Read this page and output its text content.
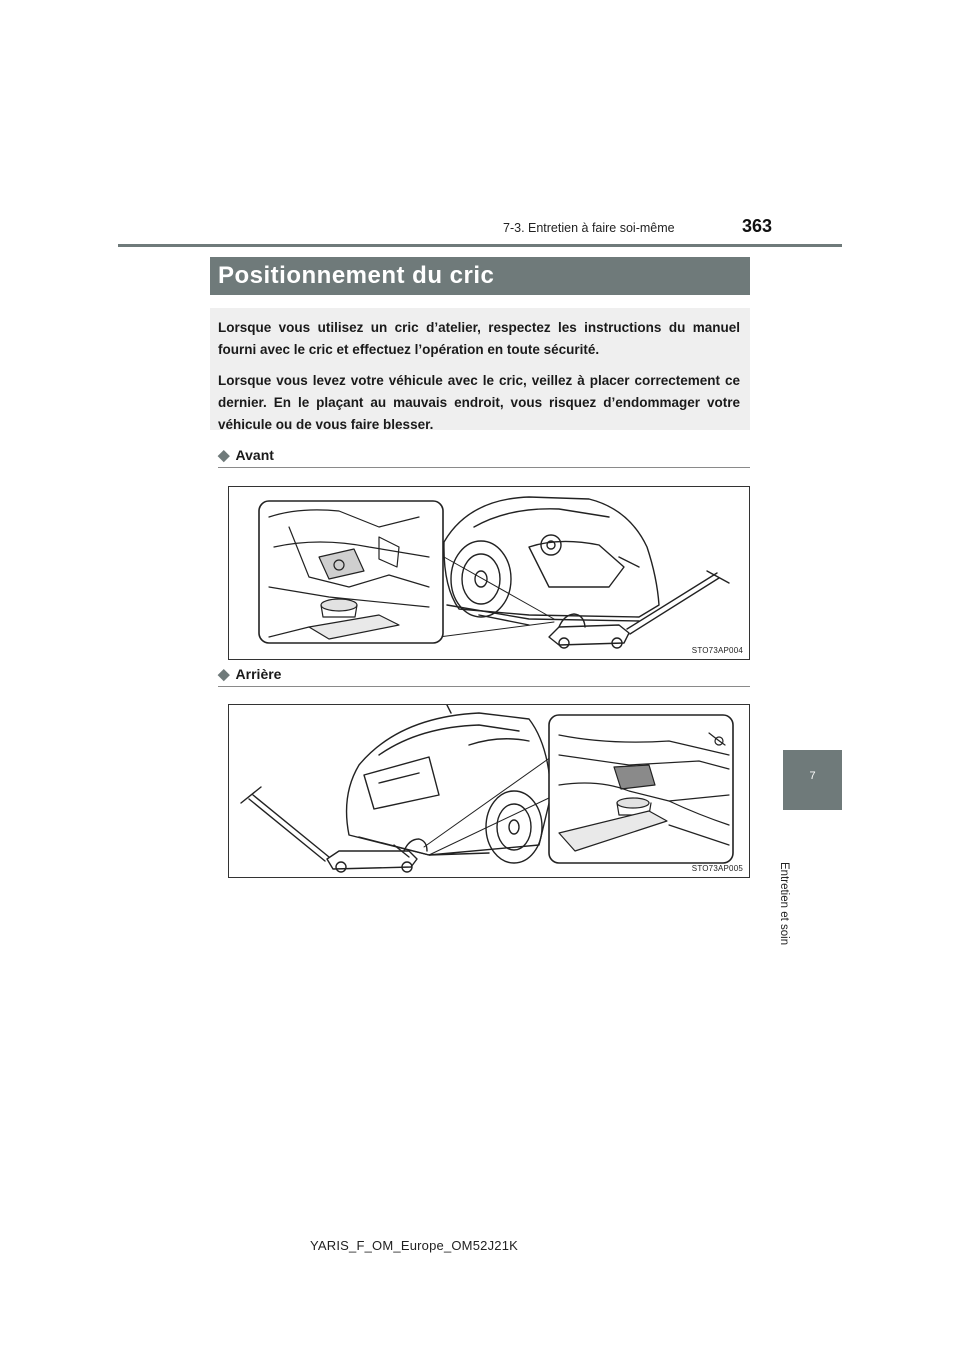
7-3. Entretien à faire soi-même	363
7
Entretien et soin
Positionnement du cric

Lorsque vous utilisez un cric d’atelier, respectez les instructions du manuel fourni avec le cric et effectuez l’opération en toute sécurité.

Lorsque vous levez votre véhicule avec le cric, veillez à placer correctement ce dernier. En le plaçant au mauvais endroit, vous risquez d’endommager votre véhicule ou de vous faire blesser.

◆ Avant
STO73AP004
◆ Arrière
STO73AP005
YARIS_F_OM_Europe_OM52J21K
